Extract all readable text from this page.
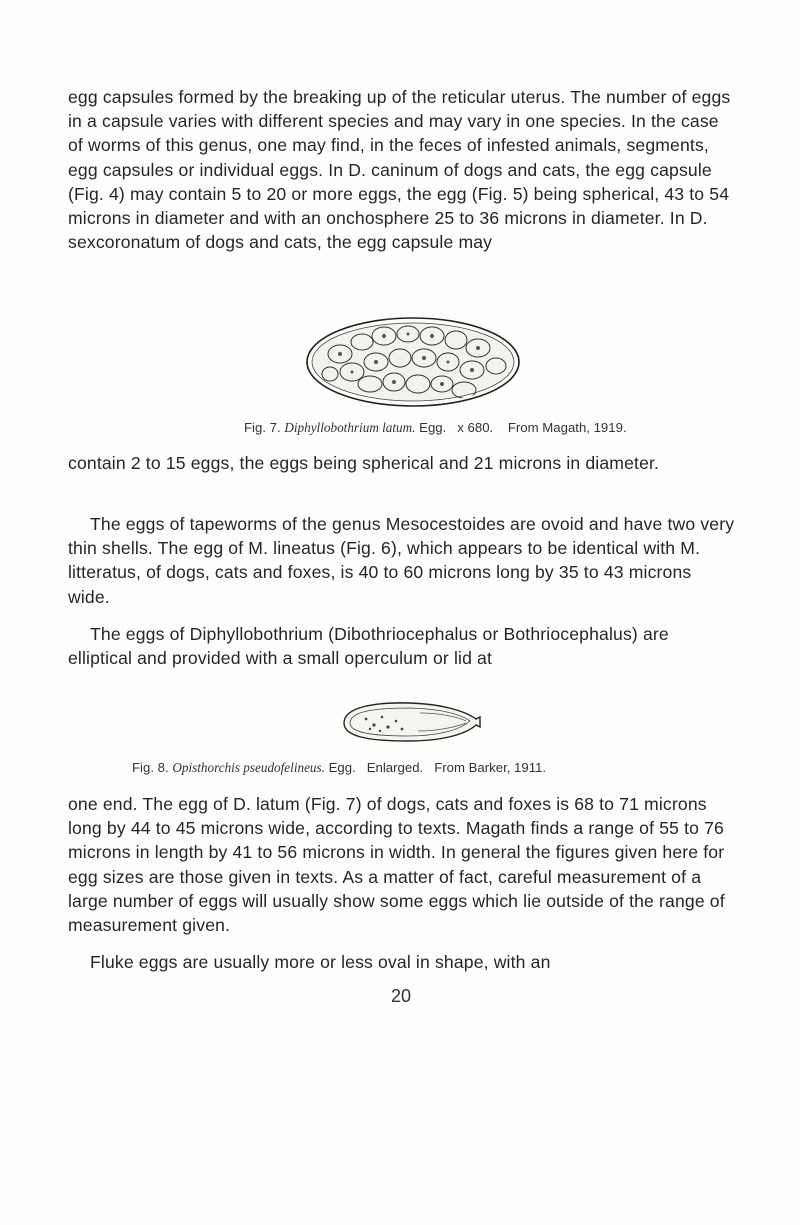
egg capsules formed by the breaking up of the reticular uterus. The number of eggs in a capsule varies with different species and may vary in one species. In the case of worms of this genus, one may find, in the feces of infested animals, segments, egg capsules or individual eggs. In D. caninum of dogs and cats, the egg capsule (Fig. 4) may contain 5 to 20 or more eggs, the egg (Fig. 5) being spherical, 43 to 54 microns in diameter and with an onchosphere 25 to 36 microns in diameter. In D. sexcoronatum of dogs and cats, the egg capsule may

Fig. 7. Diphyllobothrium latum. Egg.   x 680.    From Magath, 1919.

contain 2 to 15 eggs, the eggs being spherical and 21 microns in diameter.

The eggs of tapeworms of the genus Mesocestoides are ovoid and have two very thin shells. The egg of M. lineatus (Fig. 6), which appears to be identical with M. litteratus, of dogs, cats and foxes, is 40 to 60 microns long by 35 to 43 microns wide.

The eggs of Diphyllobothrium (Dibothriocephalus or Bothriocephalus) are elliptical and provided with a small operculum or lid at

Fig. 8. Opisthorchis pseudofelineus. Egg.   Enlarged.   From Barker, 1911.

one end. The egg of D. latum (Fig. 7) of dogs, cats and foxes is 68 to 71 microns long by 44 to 45 microns wide, according to texts. Magath finds a range of 55 to 76 microns in length by 41 to 56 microns in width. In general the figures given here for egg sizes are those given in texts. As a matter of fact, careful measurement of a large number of eggs will usually show some eggs which lie outside of the range of measurement given.

Fluke eggs are usually more or less oval in shape, with an

20
